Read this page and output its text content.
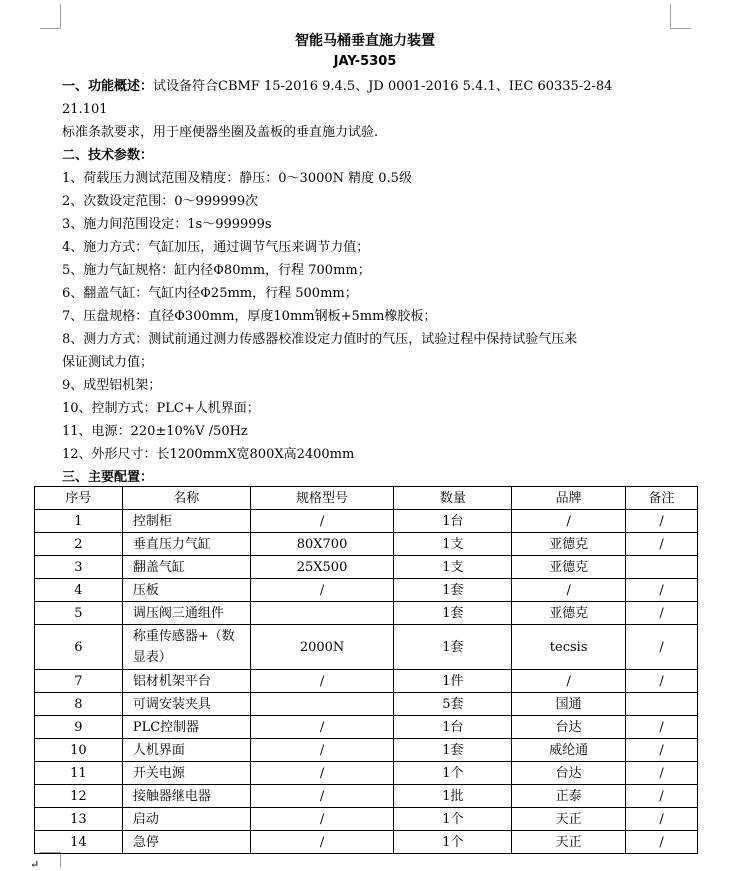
智能马桶垂直施力装置
JAY-5305
一、功能概述：试设备符合CBMF 15-2016 9.4.5、JD 0001-2016 5.4.1、IEC 60335-2-84
21.101
标准条款要求，用于座便器坐圈及盖板的垂直施力试验.
二、技术参数：
1、荷载压力测试范围及精度：静压：0～3000N 精度 0.5级
2、次数设定范围：0～999999次
3、施力间范围设定：1s～999999s
4、施力方式：气缸加压，通过调节气压来调节力值；
5、施力气缸规格：缸内径Φ80mm，行程 700mm；
6、翻盖气缸：气缸内径Φ25mm，行程 500mm；
7、压盘规格：直径Φ300mm，厚度10mm钢板+5mm橡胶板；
8、测力方式：测试前通过测力传感器校准设定力值时的气压，试验过程中保持试验气压来
保证测试力值；
9、成型铝机架；
10、控制方式：PLC+人机界面；
11、电源：220±10%V /50Hz
12、外形尺寸：长1200mmX宽800X高2400mm
三、主要配置：
序号	名称	规格型号	数量	品牌	备注
1	控制柜	/	1台	/	/
2	垂直压力气缸	80X700	1支	亚德克	/
3	翻盖气缸	25X500	1支	亚德克	
4	压板	/	1套	/	/
5	调压阀三通组件		1套	亚德克	/
6	称重传感器+（数显表）	2000N	1套	tecsis	/
7	铝材机架平台	/	1件	/	/
8	可调安装夹具		5套	国通	
9	PLC控制器	/	1台	台达	/
10	人机界面	/	1套	威纶通	/
11	开关电源	/	1个	台达	/
12	接触器继电器	/	1批	正泰	/
13	启动	/	1个	天正	/
14	急停	/	1个	天正	/
↵
